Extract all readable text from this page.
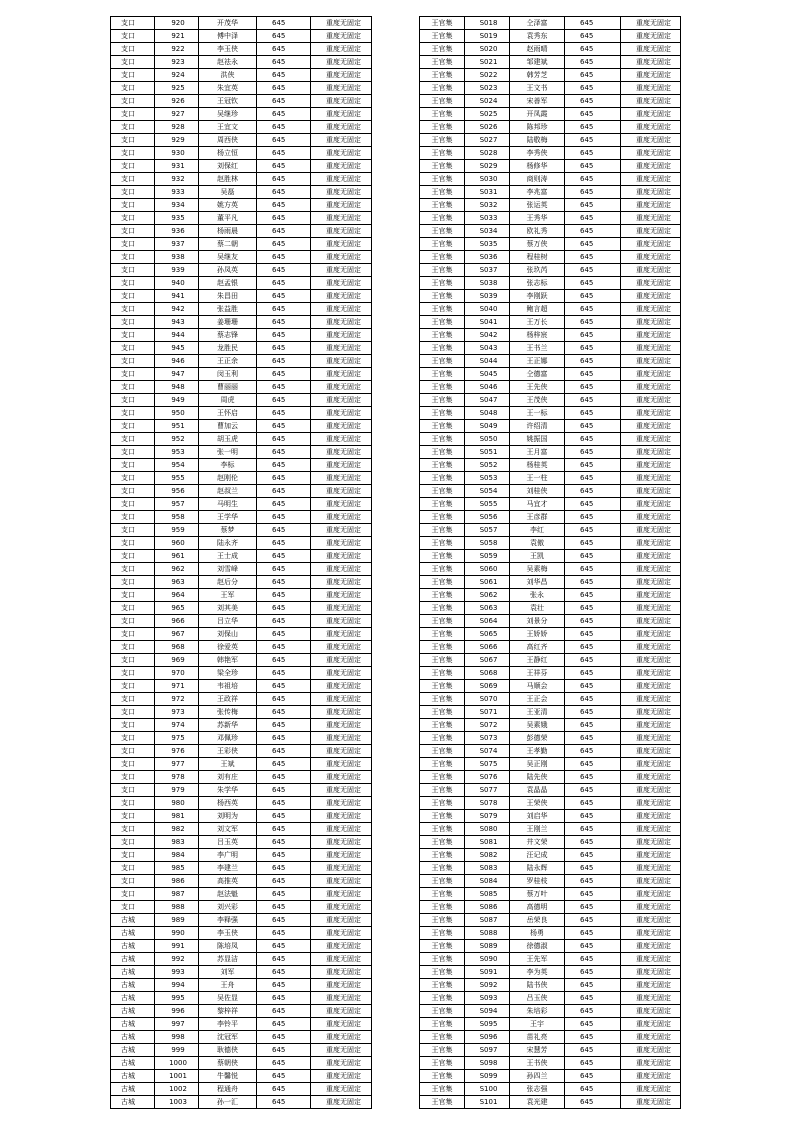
支口	920	开茂华	645	重度无固定
支口	921	傅中泽	645	重度无固定
支口	922	李玉侠	645	重度无固定
支口	923	赵祛永	645	重度无固定
支口	924	洪侠	645	重度无固定
支口	925	朱宜英	645	重度无固定
支口	926	王冠钦	645	重度无固定
支口	927	吴继珍	645	重度无固定
支口	928	王宜文	645	重度无固定
支口	929	周西侠	645	重度无固定
支口	930	杨立恒	645	重度无固定
支口	931	刘保红	645	重度无固定
支口	932	赵胜林	645	重度无固定
支口	933	吴磊	645	重度无固定
支口	934	姚方英	645	重度无固定
支口	935	董平凡	645	重度无固定
支口	936	杨雨晨	645	重度无固定
支口	937	蔡二朝	645	重度无固定
支口	938	吴继友	645	重度无固定
支口	939	孙凤英	645	重度无固定
支口	940	赵孟银	645	重度无固定
支口	941	朱昌田	645	重度无固定
支口	942	张益胜	645	重度无固定
支口	943	姜珊珊	645	重度无固定
支口	944	蔡志锋	645	重度无固定
支口	945	龙胜民	645	重度无固定
支口	946	王正余	645	重度无固定
支口	947	闵玉利	645	重度无固定
支口	948	曹丽丽	645	重度无固定
支口	949	周虎	645	重度无固定
支口	950	王怀启	645	重度无固定
支口	951	曹加云	645	重度无固定
支口	952	胡玉虎	645	重度无固定
支口	953	张一明	645	重度无固定
支口	954	李标	645	重度无固定
支口	955	赵刚伦	645	重度无固定
支口	956	赵叔兰	645	重度无固定
支口	957	马明生	645	重度无固定
支口	958	王学华	645	重度无固定
支口	959	蔡梦	645	重度无固定
支口	960	陆永齐	645	重度无固定
支口	961	王士成	645	重度无固定
支口	962	刘雪峰	645	重度无固定
支口	963	赵后分	645	重度无固定
支口	964	王军	645	重度无固定
支口	965	刘其美	645	重度无固定
支口	966	吕立华	645	重度无固定
支口	967	刘保山	645	重度无固定
支口	968	徐爱英	645	重度无固定
支口	969	韩艳军	645	重度无固定
支口	970	梁全珍	645	重度无固定
支口	971	韦祖培	645	重度无固定
支口	972	王政祥	645	重度无固定
支口	973	张传梅	645	重度无固定
支口	974	苏新华	645	重度无固定
支口	975	邓佩珍	645	重度无固定
支口	976	王彩侠	645	重度无固定
支口	977	王斌	645	重度无固定
支口	978	刘有庄	645	重度无固定
支口	979	朱学华	645	重度无固定
支口	980	杨西英	645	重度无固定
支口	981	刘明为	645	重度无固定
支口	982	刘文军	645	重度无固定
支口	983	吕玉英	645	重度无固定
支口	984	李广明	645	重度无固定
支口	985	李建兰	645	重度无固定
支口	986	高推英	645	重度无固定
支口	987	赵法魁	645	重度无固定
支口	988	刘兴彩	645	重度无固定
古城	989	李释强	645	重度无固定
古城	990	李玉侠	645	重度无固定
古城	991	陈培凤	645	重度无固定
古城	992	苏显洁	645	重度无固定
古城	993	刘军	645	重度无固定
古城	994	王舟	645	重度无固定
古城	995	吴佐显	645	重度无固定
古城	996	黎梓祥	645	重度无固定
古城	997	李铃平	645	重度无固定
古城	998	沈冠军	645	重度无固定
古城	999	耿德侠	645	重度无固定
古城	1000	蔡朝侠	645	重度无固定
古城	1001	牛馨悦	645	重度无固定
古城	1002	程通舟	645	重度无固定
古城	1003	孙一汇	645	重度无固定
王官集	S018	仝泽富	645	重度无固定
王官集	S019	袁秀东	645	重度无固定
王官集	S020	赵雨晴	645	重度无固定
王官集	S021	邹建斌	645	重度无固定
王官集	S022	韩芳芝	645	重度无固定
王官集	S023	王文书	645	重度无固定
王官集	S024	宋善军	645	重度无固定
王官集	S025	开凤霞	645	重度无固定
王官集	S026	陈邦珍	645	重度无固定
王官集	S027	陆敬梅	645	重度无固定
王官集	S028	李秀侠	645	重度无固定
王官集	S029	杨修华	645	重度无固定
王官集	S030	商则涛	645	重度无固定
王官集	S031	李兆富	645	重度无固定
王官集	S032	张运英	645	重度无固定
王官集	S033	王秀华	645	重度无固定
王官集	S034	欧礼秀	645	重度无固定
王官集	S035	蔡万侠	645	重度无固定
王官集	S036	程桂树	645	重度无固定
王官集	S037	张玖芮	645	重度无固定
王官集	S038	张志标	645	重度无固定
王官集	S039	李刚跃	645	重度无固定
王官集	S040	鲍言超	645	重度无固定
王官集	S041	王万长	645	重度无固定
王官集	S042	杨梓宸	645	重度无固定
王官集	S043	王书兰	645	重度无固定
王官集	S044	王正娜	645	重度无固定
王官集	S045	仝德富	645	重度无固定
王官集	S046	王先侠	645	重度无固定
王官集	S047	王茂侠	645	重度无固定
王官集	S048	王一标	645	重度无固定
王官集	S049	许绍清	645	重度无固定
王官集	S050	姚振国	645	重度无固定
王官集	S051	王月富	645	重度无固定
王官集	S052	杨桂英	645	重度无固定
王官集	S053	王一柱	645	重度无固定
王官集	S054	刘桂侠	645	重度无固定
王官集	S055	马宜才	645	重度无固定
王官集	S056	王彦群	645	重度无固定
王官集	S057	李红	645	重度无固定
王官集	S058	袁傲	645	重度无固定
王官集	S059	王凯	645	重度无固定
王官集	S060	吴素梅	645	重度无固定
王官集	S061	刘华昌	645	重度无固定
王官集	S062	张永	645	重度无固定
王官集	S063	袁壮	645	重度无固定
王官集	S064	刘景分	645	重度无固定
王官集	S065	王娇娇	645	重度无固定
王官集	S066	高红齐	645	重度无固定
王官集	S067	王静红	645	重度无固定
王官集	S068	王祥芬	645	重度无固定
王官集	S069	马顺会	645	重度无固定
王官集	S070	王正会	645	重度无固定
王官集	S071	王亚清	645	重度无固定
王官集	S072	吴素娥	645	重度无固定
王官集	S073	彭德荣	645	重度无固定
王官集	S074	王孝勤	645	重度无固定
王官集	S075	吴正刚	645	重度无固定
王官集	S076	陆先侠	645	重度无固定
王官集	S077	袁晶晶	645	重度无固定
王官集	S078	王荣侠	645	重度无固定
王官集	S079	刘启华	645	重度无固定
王官集	S080	王刚兰	645	重度无固定
王官集	S081	井文荣	645	重度无固定
王官集	S082	汪记成	645	重度无固定
王官集	S083	陆永辉	645	重度无固定
王官集	S084	罗桂枝	645	重度无固定
王官集	S085	蔡万叶	645	重度无固定
王官集	S086	高德明	645	重度无固定
王官集	S087	岳荣良	645	重度无固定
王官集	S088	杨勇	645	重度无固定
王官集	S089	徐德淑	645	重度无固定
王官集	S090	王先军	645	重度无固定
王官集	S091	李为英	645	重度无固定
王官集	S092	陆书侠	645	重度无固定
王官集	S093	吕玉侠	645	重度无固定
王官集	S094	朱培彩	645	重度无固定
王官集	S095	王宇	645	重度无固定
王官集	S096	苗礼亮	645	重度无固定
王官集	S097	宋慧芳	645	重度无固定
王官集	S098	王书侠	645	重度无固定
王官集	S099	孙四兰	645	重度无固定
王官集	S100	张志强	645	重度无固定
王官集	S101	袁光建	645	重度无固定
